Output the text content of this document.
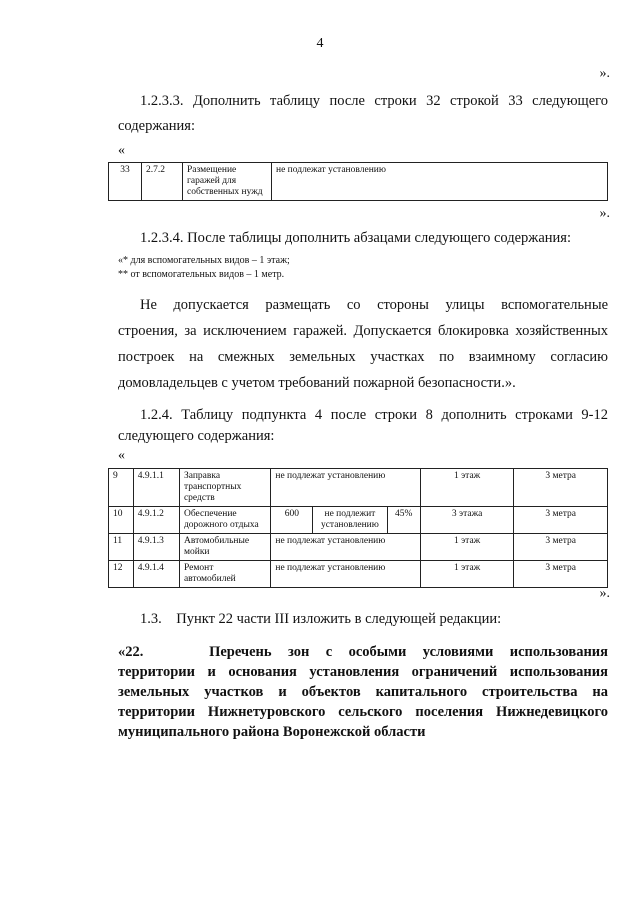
4
».
1.2.3.3. Дополнить таблицу после строки 32 строкой 33 следующего
содержания:
«
33	2.7.2	Размещение гаражей для собственных нужд	не подлежат установлению
».
1.2.3.4. После таблицы дополнить абзацами следующего содержания:
«* для вспомогательных видов – 1 этаж;
** от вспомогательных видов – 1 метр.
Не допускается размещать со стороны улицы вспомогательные
строения, за исключением гаражей. Допускается блокировка хозяйственных
построек на смежных земельных участках по взаимному согласию
домовладельцев с учетом требований пожарной безопасности.».
1.2.4. Таблицу подпункта 4 после строки 8 дополнить строками 9-12
следующего содержания:
«
9	4.9.1.1	Заправка транспортных средств	не подлежат установлению			1 этаж	3 метра
10	4.9.1.2	Обеспечение дорожного отдыха	600	не подлежит установлению	45%	3 этажа	3 метра
11	4.9.1.3	Автомобильные мойки	не подлежат установлению			1 этаж	3 метра
12	4.9.1.4	Ремонт автомобилей	не подлежат установлению			1 этаж	3 метра
».
1.3.    Пункт 22 части III изложить в следующей редакции:
«22.    Перечень зон с особыми условиями использования
территории и основания установления ограничений использования
земельных участков и объектов капитального строительства на
территории Нижнетуровского сельского поселения Нижнедевицкого
муниципального района Воронежской области
